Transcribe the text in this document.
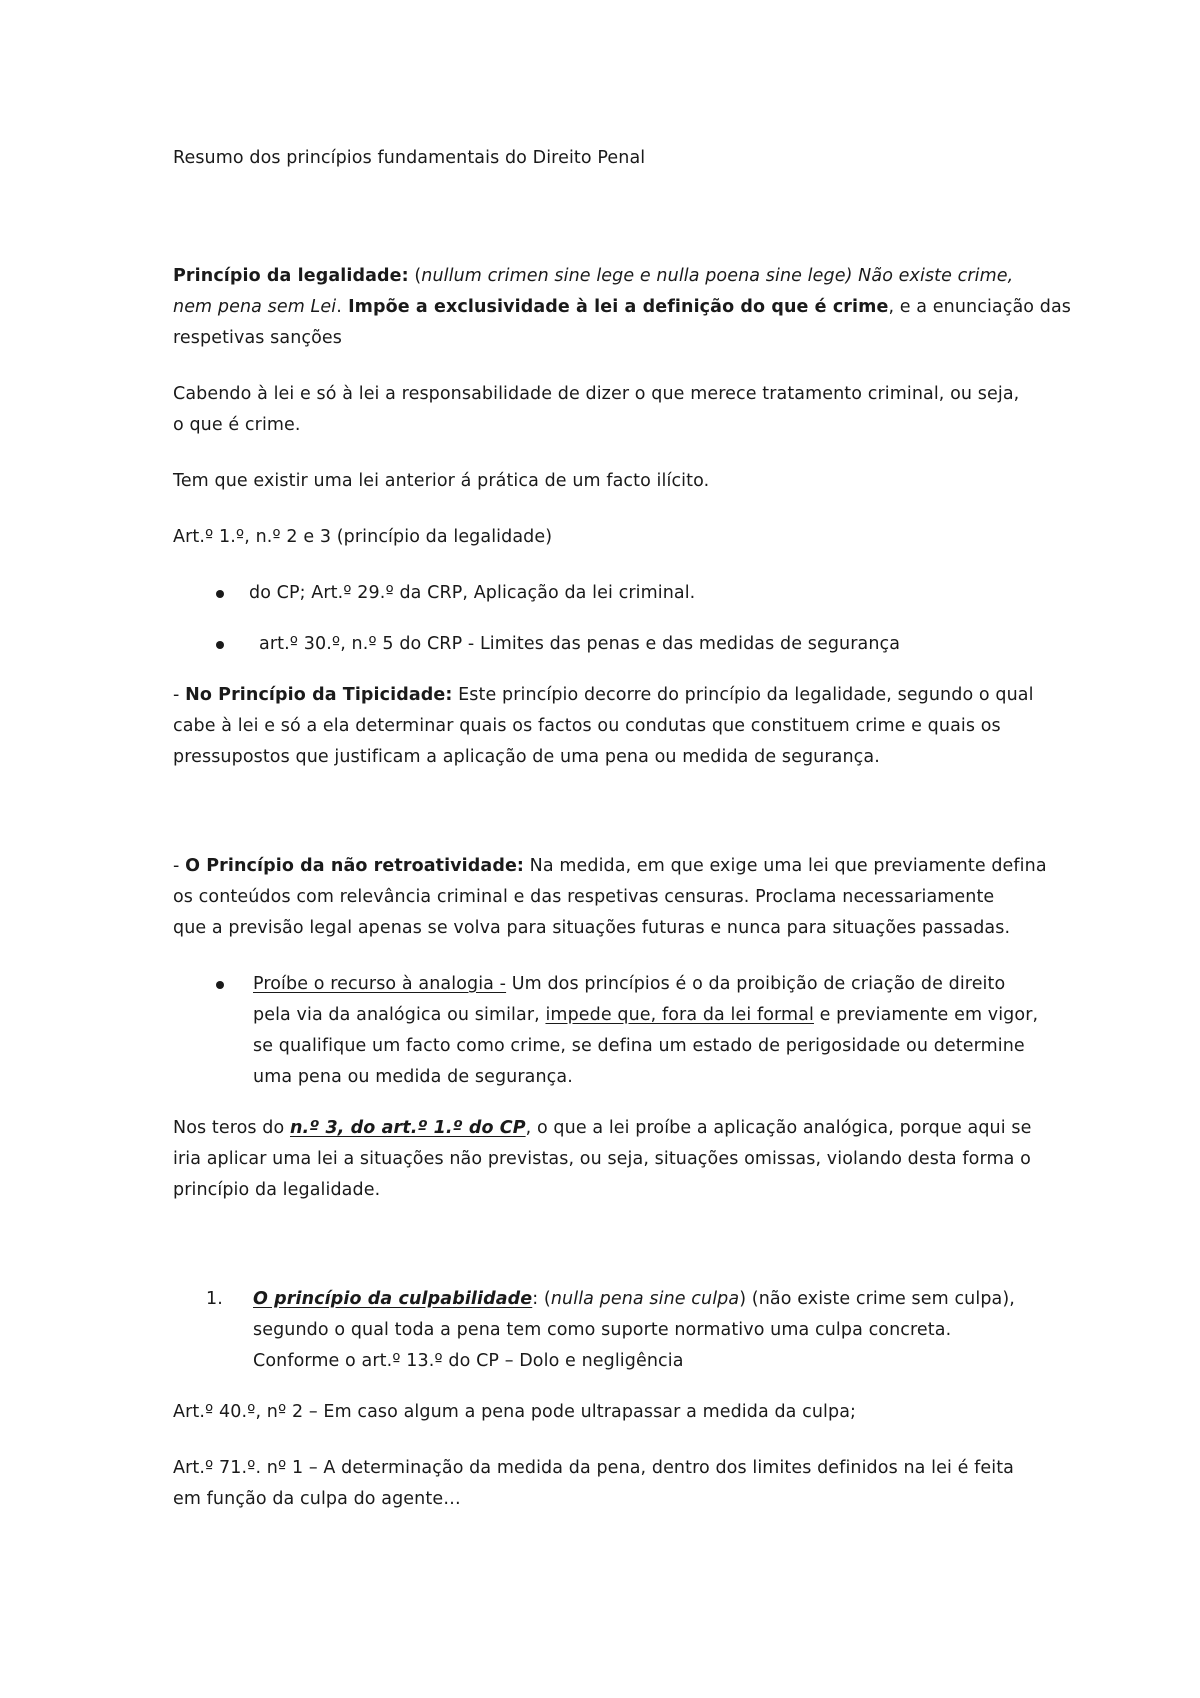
Resumo dos princípios fundamentais do Direito Penal

Princípio da legalidade: (nullum crimen sine lege e nulla poena sine lege) Não existe crime,

nem pena sem Lei. Impõe a exclusividade à lei a definição do que é crime, e a enunciação das

respetivas sanções

Cabendo à lei e só à lei a responsabilidade de dizer o que merece tratamento criminal, ou seja,

o que é crime.

Tem que existir uma lei anterior á prática de um facto ilícito.

Art.º 1.º, n.º 2 e 3 (princípio da legalidade)

do CP; Art.º 29.º da CRP, Aplicação da lei criminal.

art.º 30.º, n.º 5 do CRP - Limites das penas e das medidas de segurança

- No Princípio da Tipicidade: Este princípio decorre do princípio da legalidade, segundo o qual

cabe à lei e só a ela determinar quais os factos ou condutas que constituem crime e quais os

pressupostos que justificam a aplicação de uma pena ou medida de segurança.

- O Princípio da não retroatividade: Na medida, em que exige uma lei que previamente defina

os conteúdos com relevância criminal e das respetivas censuras. Proclama necessariamente

que a previsão legal apenas se volva para situações futuras e nunca para situações passadas.

Proíbe o recurso à analogia - Um dos princípios é o da proibição de criação de direito

pela via da analógica ou similar, impede que, fora da lei formal e previamente em vigor,

se qualifique um facto como crime, se defina um estado de perigosidade ou determine

uma pena ou medida de segurança.

Nos teros do n.º 3, do art.º 1.º do CP, o que a lei proíbe a aplicação analógica, porque aqui se

iria aplicar uma lei a situações não previstas, ou seja, situações omissas, violando desta forma o

princípio da legalidade.

1. O princípio da culpabilidade: (nulla pena sine culpa) (não existe crime sem culpa),

segundo o qual toda a pena tem como suporte normativo uma culpa concreta.

Conforme o art.º 13.º do CP – Dolo e negligência

Art.º 40.º, nº 2 – Em caso algum a pena pode ultrapassar a medida da culpa;

Art.º 71.º. nº 1 – A determinação da medida da pena, dentro dos limites definidos na lei é feita

em função da culpa do agente…
